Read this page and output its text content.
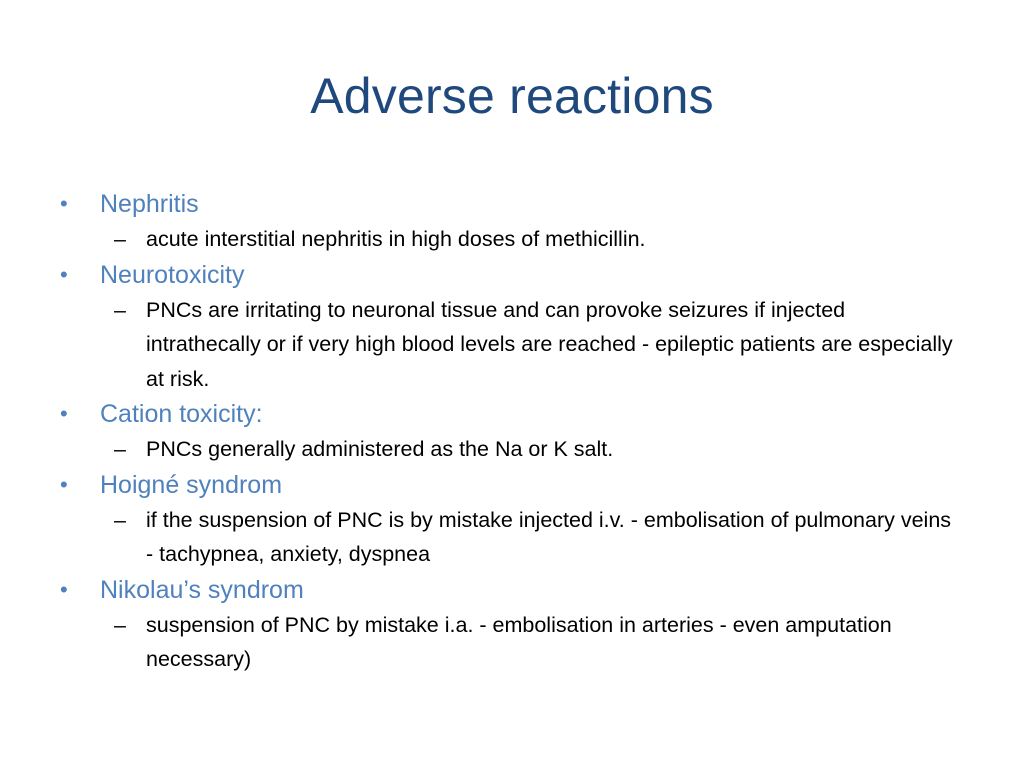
Adverse reactions
• Nephritis
– acute interstitial nephritis in high doses of methicillin.
• Neurotoxicity
– PNCs are irritating to neuronal tissue and can provoke seizures if injected intrathecally or if very high blood levels are reached - epileptic patients are especially at risk.
• Cation toxicity:
– PNCs generally administered as the Na or K salt.
• Hoigné syndrom
– if the suspension of PNC is by mistake injected i.v. - embolisation of pulmonary veins - tachypnea, anxiety, dyspnea
• Nikolau’s syndrom
– suspension of PNC by mistake i.a. - embolisation in arteries - even amputation necessary)
